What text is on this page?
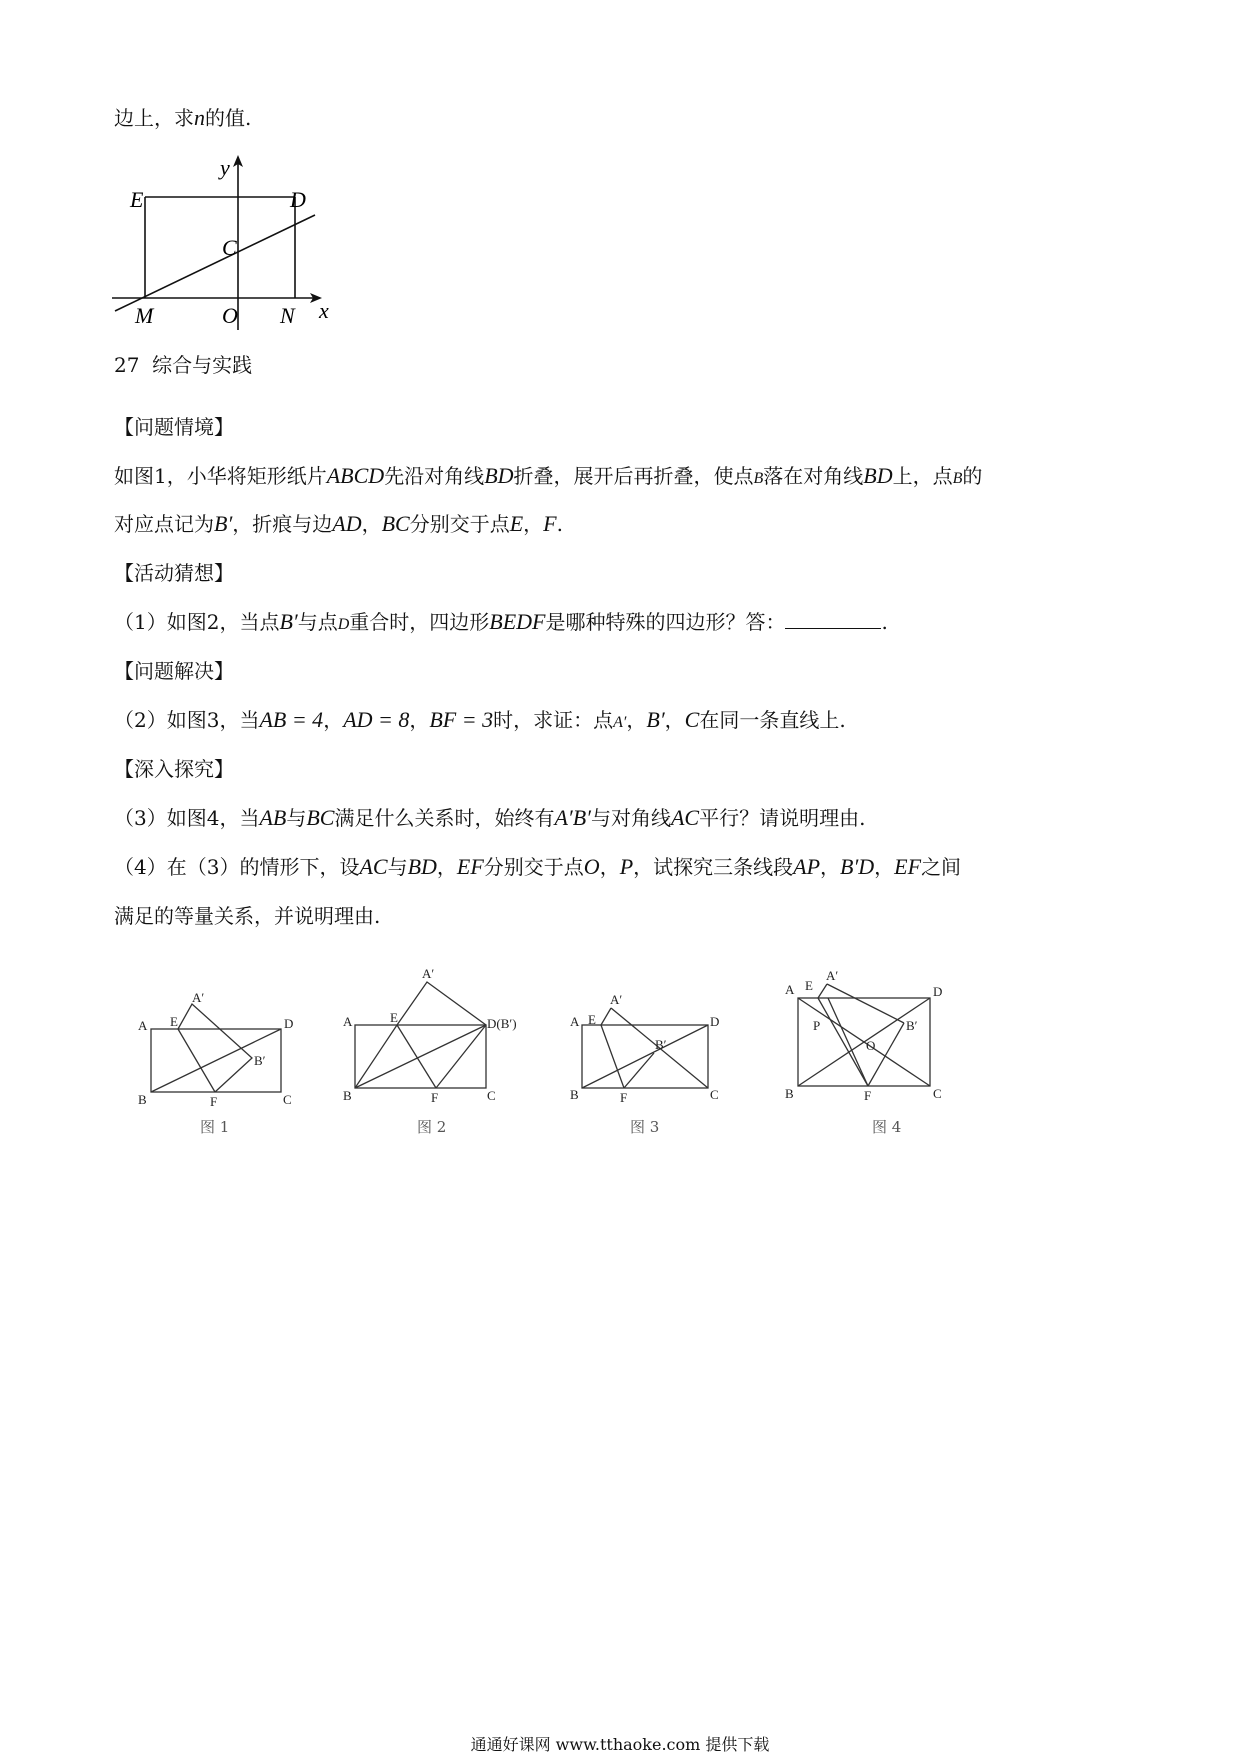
边上，求n的值.
E	D
y
C
M	O N x
27 综合与实践
【问题情境】
如图1，小华将矩形纸片ABCD先沿对角线BD折叠，展开后再折叠，使点B落在对角线BD上，点B的
对应点记为B′，折痕与边AD，BC分别交于点E，F.
【活动猜想】
（1）如图2，当点B′与点D重合时，四边形BEDF是哪种特殊的四边形？答：	.
【问题解决】
（2）如图3，当AB = 4，AD = 8，BF = 3时，求证：点A′，B′，C在同一条直线上.
【深入探究】
（3）如图4，当AB与BC满足什么关系时，始终有A′B′与对角线AC平行？请说明理由.
（4）在（3）的情形下，设AC与BD，EF分别交于点O，P，试探究三条线段AP，B′D，EF之间
满足的等量关系，并说明理由.
A E
A′
D
B′
B	F	C
图 1
A	E
A′
D(B′)
B	F	C
图 2
A E
A′
D
B′
B	F	C
图 3
A E
A′
D
P	B′
O
B	F	C
图 4
通通好课网 www.tthaoke.com 提供下载
